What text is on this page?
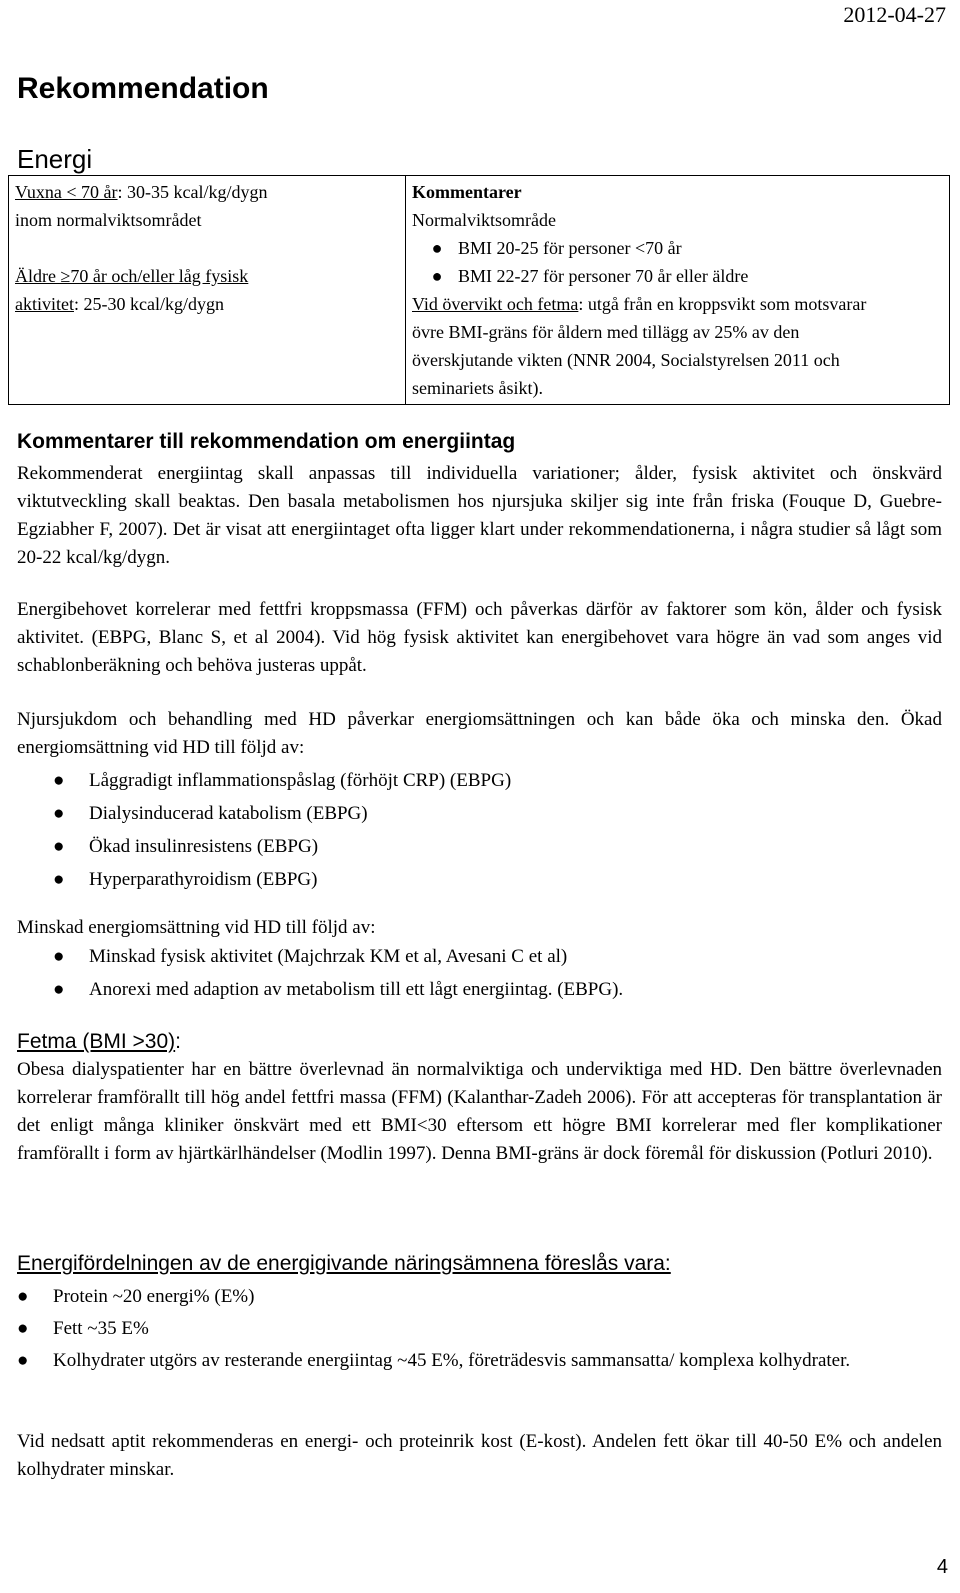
2012-04-27
Rekommendation
Energi
Vuxna < 70 år: 30-35 kcal/kg/dygn
inom normalviktsområdet
Äldre ≥70 år och/eller låg fysisk
aktivitet: 25-30 kcal/kg/dygn

Kommentarer
Normalviktsområde
● BMI 20-25 för personer <70 år
● BMI 22-27 för personer 70 år eller äldre
Vid övervikt och fetma: utgå från en kroppsvikt som motsvarar övre BMI-gräns för åldern med tillägg av 25% av den överskjutande vikten (NNR 2004, Socialstyrelsen 2011 och seminariets åsikt).
Kommentarer till rekommendation om energiintag
Rekommenderat energiintag skall anpassas till individuella variationer; ålder, fysisk aktivitet och önskvärd viktutveckling skall beaktas. Den basala metabolismen hos njursjuka skiljer sig inte från friska (Fouque D, Guebre-Egziabher F, 2007). Det är visat att energiintaget ofta ligger klart under rekommendationerna, i några studier så lågt som 20-22 kcal/kg/dygn.
Energibehovet korrelerar med fettfri kroppsmassa (FFM) och påverkas därför av faktorer som kön, ålder och fysisk aktivitet. (EBPG, Blanc S, et al 2004). Vid hög fysisk aktivitet kan energibehovet vara högre än vad som anges vid schablonberäkning och behöva justeras uppåt.
Njursjukdom och behandling med HD påverkar energiomsättningen och kan både öka och minska den. Ökad energiomsättning vid HD till följd av:
●	Låggradigt inflammationspåslag (förhöjt CRP) (EBPG)
●	Dialysinducerad katabolism (EBPG)
●	Ökad insulinresistens (EBPG)
●	Hyperparathyroidism (EBPG)
Minskad energiomsättning vid HD till följd av:
●	Minskad fysisk aktivitet (Majchrzak KM et al, Avesani C et al)
●	Anorexi med adaption av metabolism till ett lågt energiintag. (EBPG).
Fetma (BMI >30):
Obesa dialyspatienter har en bättre överlevnad än normalviktiga och underviktiga med HD. Den bättre överlevnaden korrelerar framförallt till hög andel fettfri massa (FFM) (Kalanthar-Zadeh 2006). För att accepteras för transplantation är det enligt många kliniker önskvärt med ett BMI<30 eftersom ett högre BMI korrelerar med fler komplikationer framförallt i form av hjärtkärlhändelser (Modlin 1997). Denna BMI-gräns är dock föremål för diskussion (Potluri 2010).
Energifördelningen av de energigivande näringsämnena föreslås vara:
●	Protein ~20 energi% (E%)
●	Fett ~35 E%
●	Kolhydrater utgörs av resterande energiintag ~45 E%, företrädesvis sammansatta/ komplexa kolhydrater.
Vid nedsatt aptit rekommenderas en energi- och proteinrik kost (E-kost). Andelen fett ökar till 40-50 E% och andelen kolhydrater minskar.
4
